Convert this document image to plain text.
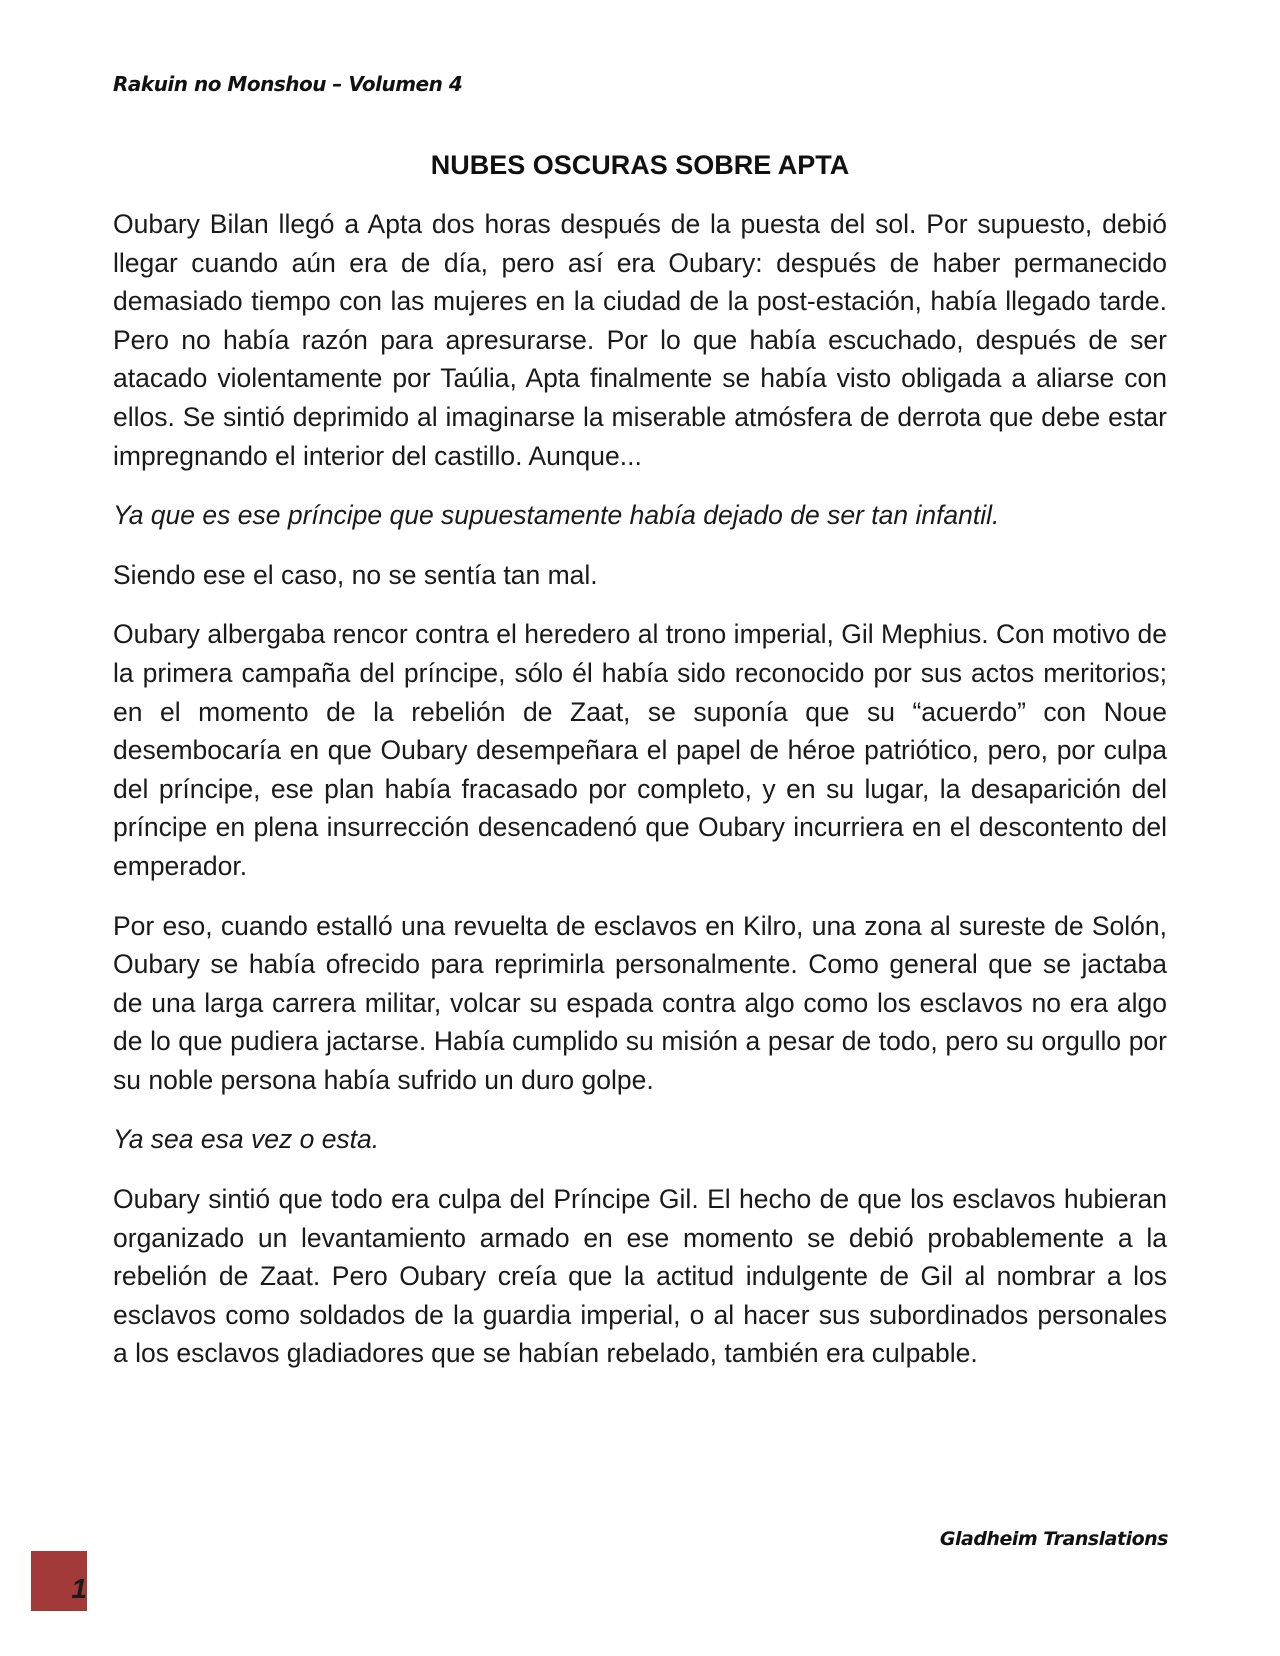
Rakuin no Monshou – Volumen 4
NUBES OSCURAS SOBRE APTA

Oubary Bilan llegó a Apta dos horas después de la puesta del sol. Por supuesto, debió llegar cuando aún era de día, pero así era Oubary: después de haber permanecido demasiado tiempo con las mujeres en la ciudad de la post-estación, había llegado tarde. Pero no había razón para apresurarse. Por lo que había escuchado, después de ser atacado violentamente por Taúlia, Apta finalmente se había visto obligada a aliarse con ellos. Se sintió deprimido al imaginarse la miserable atmósfera de derrota que debe estar impregnando el interior del castillo. Aunque...

Ya que es ese príncipe que supuestamente había dejado de ser tan infantil.

Siendo ese el caso, no se sentía tan mal.

Oubary albergaba rencor contra el heredero al trono imperial, Gil Mephius. Con motivo de la primera campaña del príncipe, sólo él había sido reconocido por sus actos meritorios; en el momento de la rebelión de Zaat, se suponía que su “acuerdo” con Noue desembocaría en que Oubary desempeñara el papel de héroe patriótico, pero, por culpa del príncipe, ese plan había fracasado por completo, y en su lugar, la desaparición del príncipe en plena insurrección desencadenó que Oubary incurriera en el descontento del emperador.

Por eso, cuando estalló una revuelta de esclavos en Kilro, una zona al sureste de Solón, Oubary se había ofrecido para reprimirla personalmente. Como general que se jactaba de una larga carrera militar, volcar su espada contra algo como los esclavos no era algo de lo que pudiera jactarse. Había cumplido su misión a pesar de todo, pero su orgullo por su noble persona había sufrido un duro golpe.

Ya sea esa vez o esta.

Oubary sintió que todo era culpa del Príncipe Gil. El hecho de que los esclavos hubieran organizado un levantamiento armado en ese momento se debió probablemente a la rebelión de Zaat. Pero Oubary creía que la actitud indulgente de Gil al nombrar a los esclavos como soldados de la guardia imperial, o al hacer sus subordinados personales a los esclavos gladiadores que se habían rebelado, también era culpable.

Gladheim Translations
1
